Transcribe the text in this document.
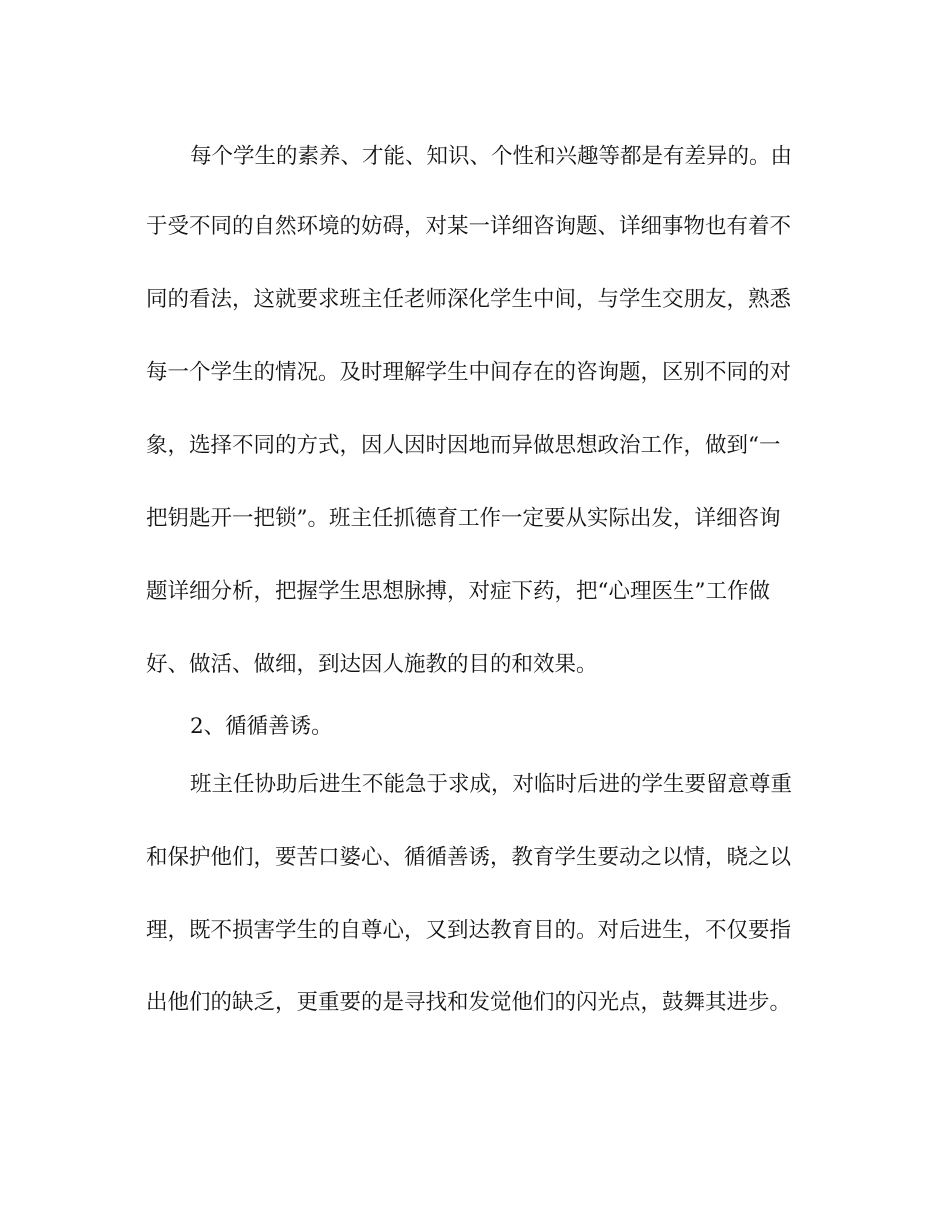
每个学生的素养、才能、知识、个性和兴趣等都是有差异的。由
于受不同的自然环境的妨碍，对某一详细咨询题、详细事物也有着不
同的看法，这就要求班主任老师深化学生中间，与学生交朋友，熟悉
每一个学生的情况。及时理解学生中间存在的咨询题，区别不同的对
象，选择不同的方式，因人因时因地而异做思想政治工作，做到“一
把钥匙开一把锁”。班主任抓德育工作一定要从实际出发，详细咨询
题详细分析，把握学生思想脉搏，对症下药，把“心理医生”工作做
好、做活、做细，到达因人施教的目的和效果。
2、循循善诱。
班主任协助后进生不能急于求成，对临时后进的学生要留意尊重
和保护他们，要苦口婆心、循循善诱，教育学生要动之以情，晓之以
理，既不损害学生的自尊心，又到达教育目的。对后进生，不仅要指
出他们的缺乏，更重要的是寻找和发觉他们的闪光点，鼓舞其进步。
